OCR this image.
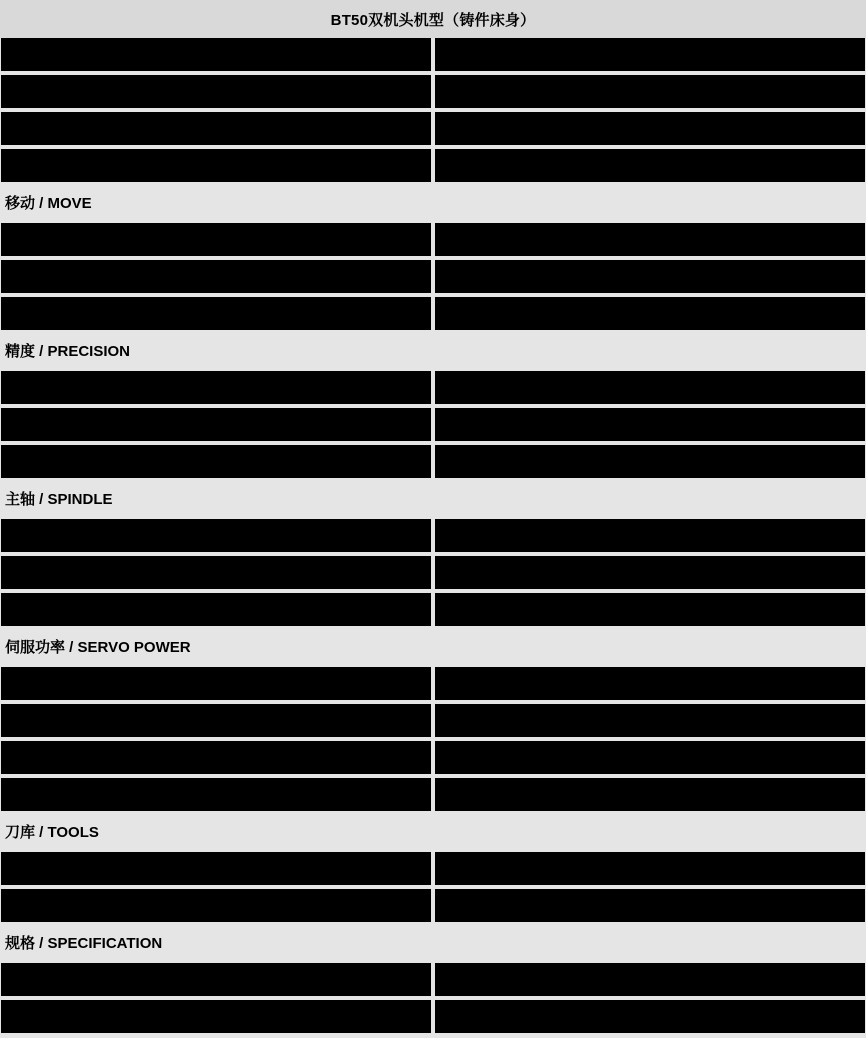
BT50双机头机型（铸件床身）
移动 / MOVE
精度 / PRECISION
主轴 / SPINDLE
伺服功率 / SERVO POWER
刀库 / TOOLS
规格 / SPECIFICATION
